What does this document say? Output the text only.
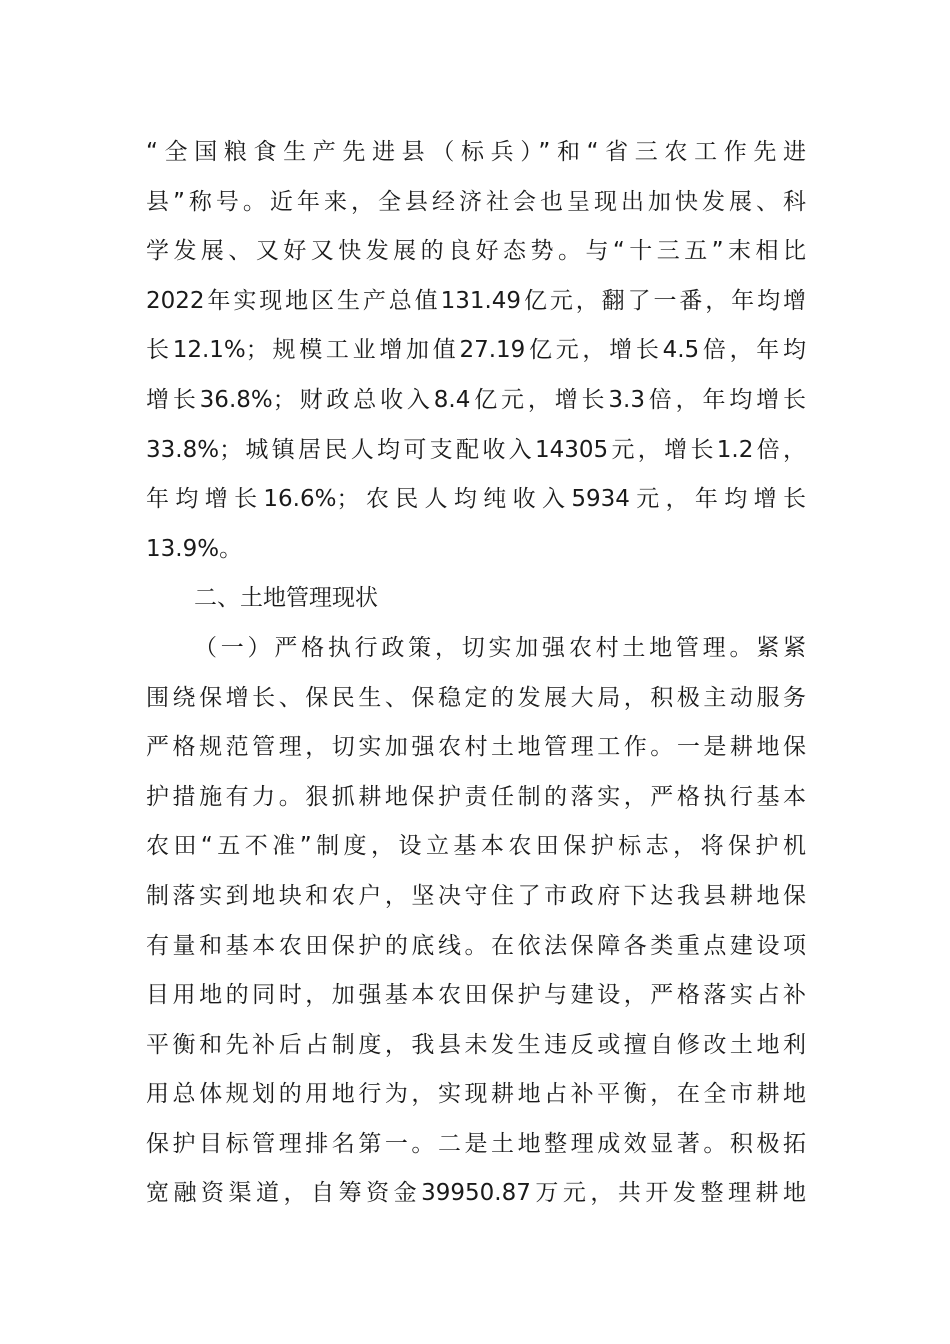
“全国粮食生产先进县（标兵）”和“省三农工作先进
县”称号。近年来，全县经济社会也呈现出加快发展、科
学发展、又好又快发展的良好态势。与“十三五”末相比
2022年实现地区生产总值131.49亿元，翻了一番，年均增
长12.1%；规模工业增加值27.19亿元，增长4.5倍，年均
增长36.8%；财政总收入8.4亿元，增长3.3倍，年均增长
33.8%；城镇居民人均可支配收入14305元，增长1.2倍，
年均增长16.6%；农民人均纯收入5934元，年均增长
13.9%。
二、土地管理现状
（一）严格执行政策，切实加强农村土地管理。紧紧
围绕保增长、保民生、保稳定的发展大局，积极主动服务
严格规范管理，切实加强农村土地管理工作。一是耕地保
护措施有力。狠抓耕地保护责任制的落实，严格执行基本
农田“五不准”制度，设立基本农田保护标志，将保护机
制落实到地块和农户，坚决守住了市政府下达我县耕地保
有量和基本农田保护的底线。在依法保障各类重点建设项
目用地的同时，加强基本农田保护与建设，严格落实占补
平衡和先补后占制度，我县未发生违反或擅自修改土地利
用总体规划的用地行为，实现耕地占补平衡，在全市耕地
保护目标管理排名第一。二是土地整理成效显著。积极拓
宽融资渠道，自筹资金39950.87万元，共开发整理耕地
